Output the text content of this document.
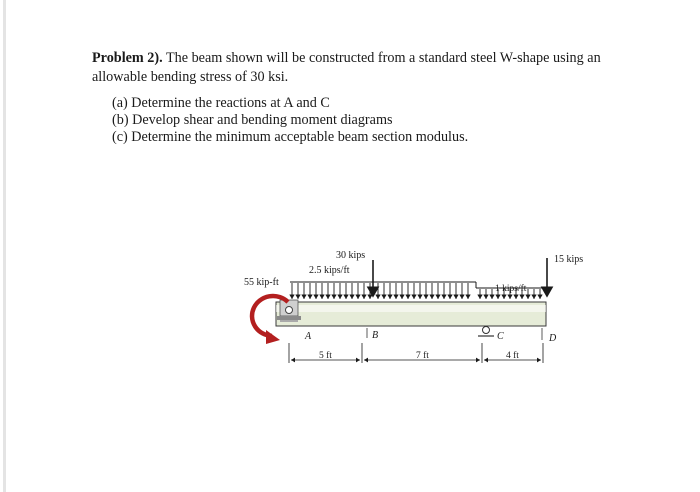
Problem 2). The beam shown will be constructed from a standard steel W-shape using an allowable bending stress of 30 ksi.
(a) Determine the reactions at A and C
(b) Develop shear and bending moment diagrams
(c) Determine the minimum acceptable beam section modulus.
55 kip-ft
30 kips
2.5 kips/ft
1 kips/ft
15 kips
A	B	C	D
5 ft	7 ft	4 ft
